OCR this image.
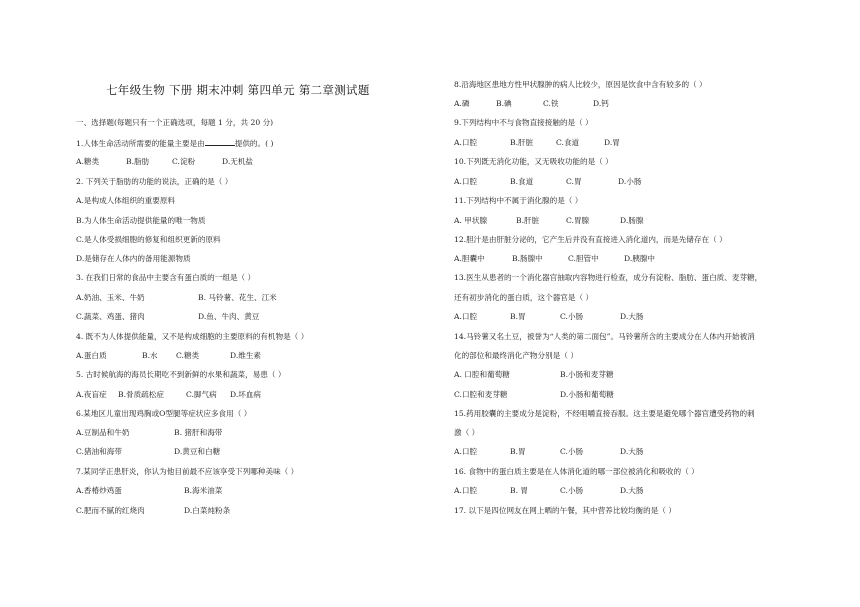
七年级生物 下册 期末冲刺 第四单元 第二章测试题
一、选择题(每题只有一个正确选项，每题 1 分，共 20 分)
1.人体生命活动所需要的能量主要是由	提供的。( )
A.糖类	B.脂肪	C.淀粉	D.无机盐
2. 下列关于脂肪的功能的说法，正确的是（ ）
A.是构成人体组织的重要原料
B.为人体生命活动提供能量的唯一物质
C.是人体受损细胞的修复和组织更新的原料
D.是储存在人体内的备用能源物质
3. 在我们日常的食品中主要含有蛋白质的一组是（ ）
A.奶油、玉米、牛奶	B. 马铃薯、花生、江米
C.蔬菜、鸡蛋、猪肉	D.鱼、牛肉、黄豆
4. 既不为人体提供能量，又不是构成细胞的主要原料的有机物是（ ）
A.蛋白质	B.水 C.糖类	D.维生素
5. 古时候航海的海员长期吃不到新鲜的水果和蔬菜，易患（ ）
A.夜盲症 B.骨质疏松症	C.脚气病 D.坏血病
6.某地区儿童出现鸡胸或O型腿等症状应多食用（ ）
A.豆制品和牛奶	B. 猪肝和海带
C.猪油和海带	D.黄豆和白糖
7.某同学正患肝炎，你认为他目前最不应该享受下列哪种美味（ ）
A.香椿炒鸡蛋	B.海米油菜
C.肥而不腻的红烧肉	D.白菜炖粉条
8.沿海地区患地方性甲状腺肿的病人比较少，原因是饮食中含有较多的（ ）
A.磷	B.碘	C.铁	D.钙
9.下列结构中不与食物直接接触的是（ ）
A.口腔	B.肝脏	C.食道	D.胃
10.下列既无消化功能，又无吸收功能的是（ ）
A.口腔	B.食道	C.胃	D.小肠
11.下列结构中不属于消化腺的是（ ）
A. 甲状腺	B.肝脏	C.胃腺	D.肠腺
12.胆汁是由肝脏分泌的，它产生后并没有直接进入消化道内，而是先储存在（ ）
A.胆囊中	B.肠腺中	C.胆管中	D.胰腺中
13.医生从患者的一个消化器官抽取内容物进行检查，成分有淀粉、脂肪、蛋白质、麦芽糖，
还有初步消化的蛋白质，这个器官是（ ）
A.口腔	B.胃	C.小肠	D.大肠
14.马铃薯又名土豆，被誉为“人类的第二面包”。马铃薯所含的主要成分在人体内开始被消
化的部位和最终消化产物分别是（ ）
A. 口腔和葡萄糖	B.小肠和麦芽糖
C.口腔和麦芽糖	D.小肠和葡萄糖
15.药用胶囊的主要成分是淀粉，不经咀嚼直接吞服。这主要是避免哪个器官遭受药物的刺
激（ ）
A.口腔	B.胃	C.小肠	D.大肠
16. 食物中的蛋白质主要是在人体消化道的哪一部位被消化和吸收的（ ）
A.口腔	B. 胃	C.小肠	D.大肠
17. 以下是四位网友在网上晒的午餐，其中营养比较均衡的是（ ）
